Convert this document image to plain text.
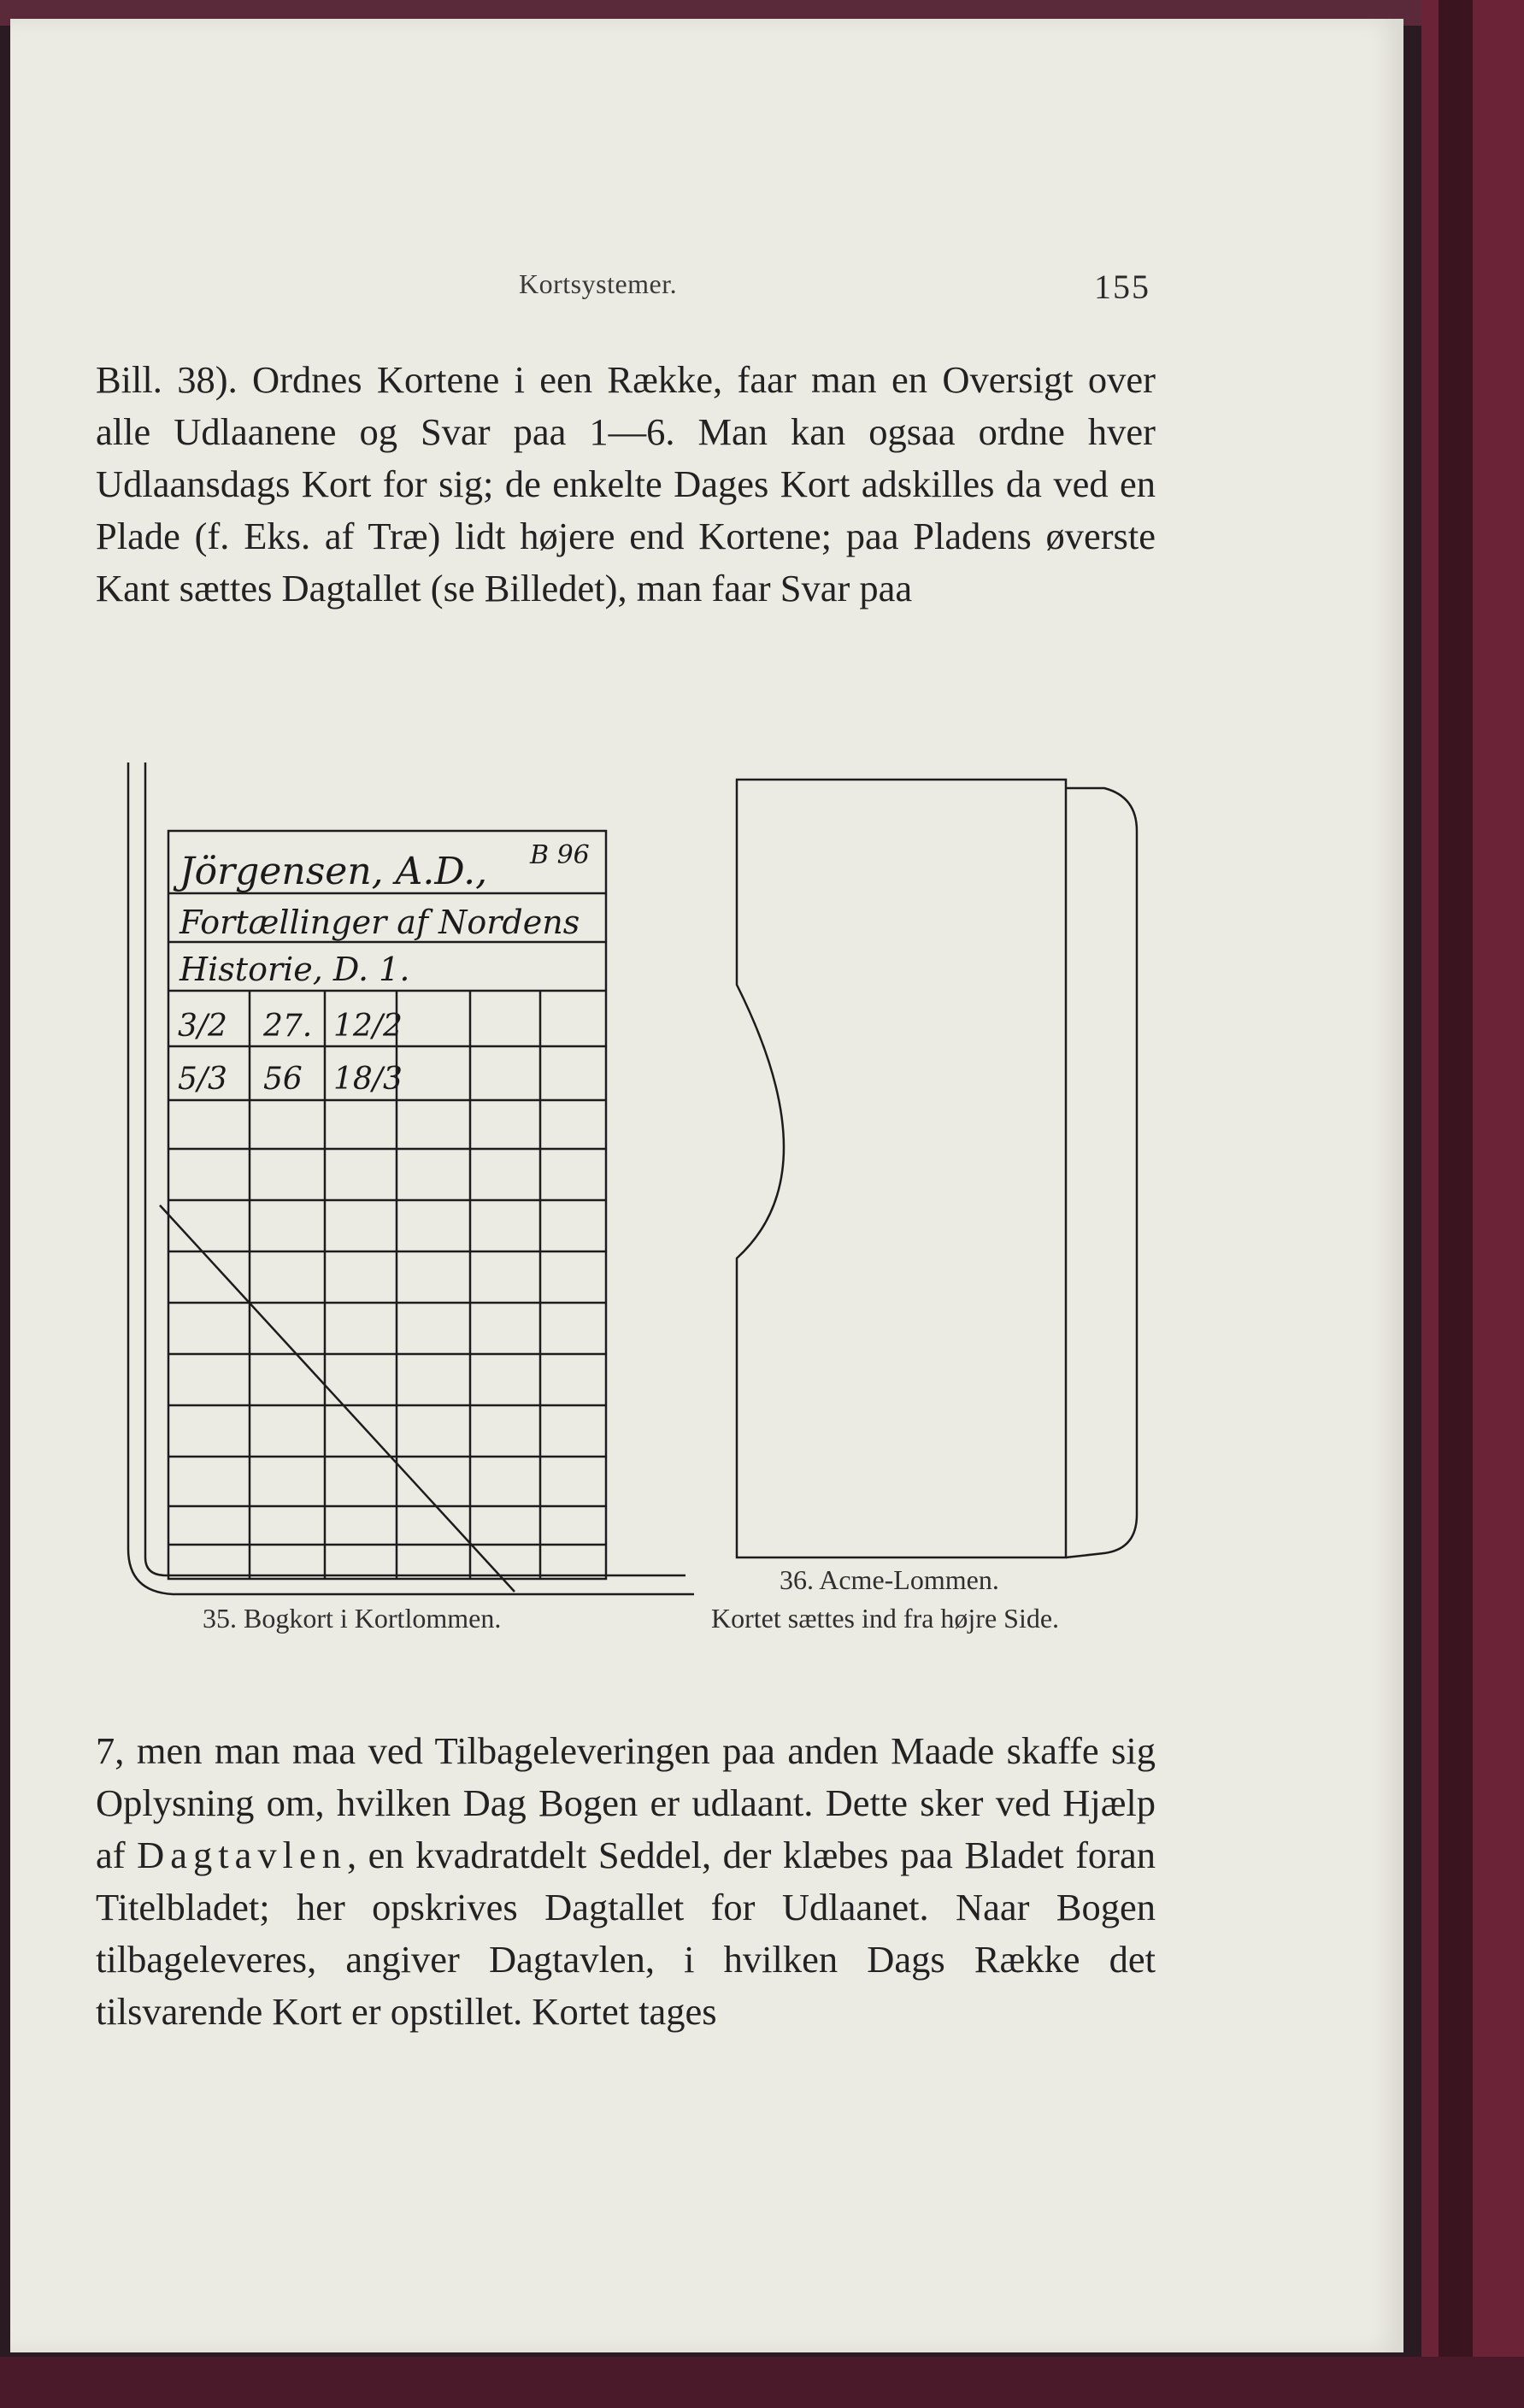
Kortsystemer.	155

Bill. 38). Ordnes Kortene i een Række, faar man en Oversigt over alle Udlaanene og Svar paa 1—6. Man kan ogsaa ordne hver Udlaansdags Kort for sig; de enkelte Dages Kort adskilles da ved en Plade (f. Eks. af Træ) lidt højere end Kortene; paa Pladens øverste Kant sættes Dagtallet (se Billedet), man faar Svar paa

Jörgensen, A.D., B 96
Fortællinger af Nordens
Historie, D. 1.
3/2 27. 12/2
5/3 56 18/3
35. Bogkort i Kortlommen.
36. Acme-Lommen.
Kortet sættes ind fra højre Side.

7, men man maa ved Tilbageleveringen paa anden Maade skaffe sig Oplysning om, hvilken Dag Bogen er udlaant. Dette sker ved Hjælp af Dagtavlen, en kvadratdelt Seddel, der klæbes paa Bladet foran Titelbladet; her opskrives Dagtallet for Udlaanet. Naar Bogen tilbageleveres, angiver Dagtavlen, i hvilken Dags Række det tilsvarende Kort er opstillet. Kortet tages
